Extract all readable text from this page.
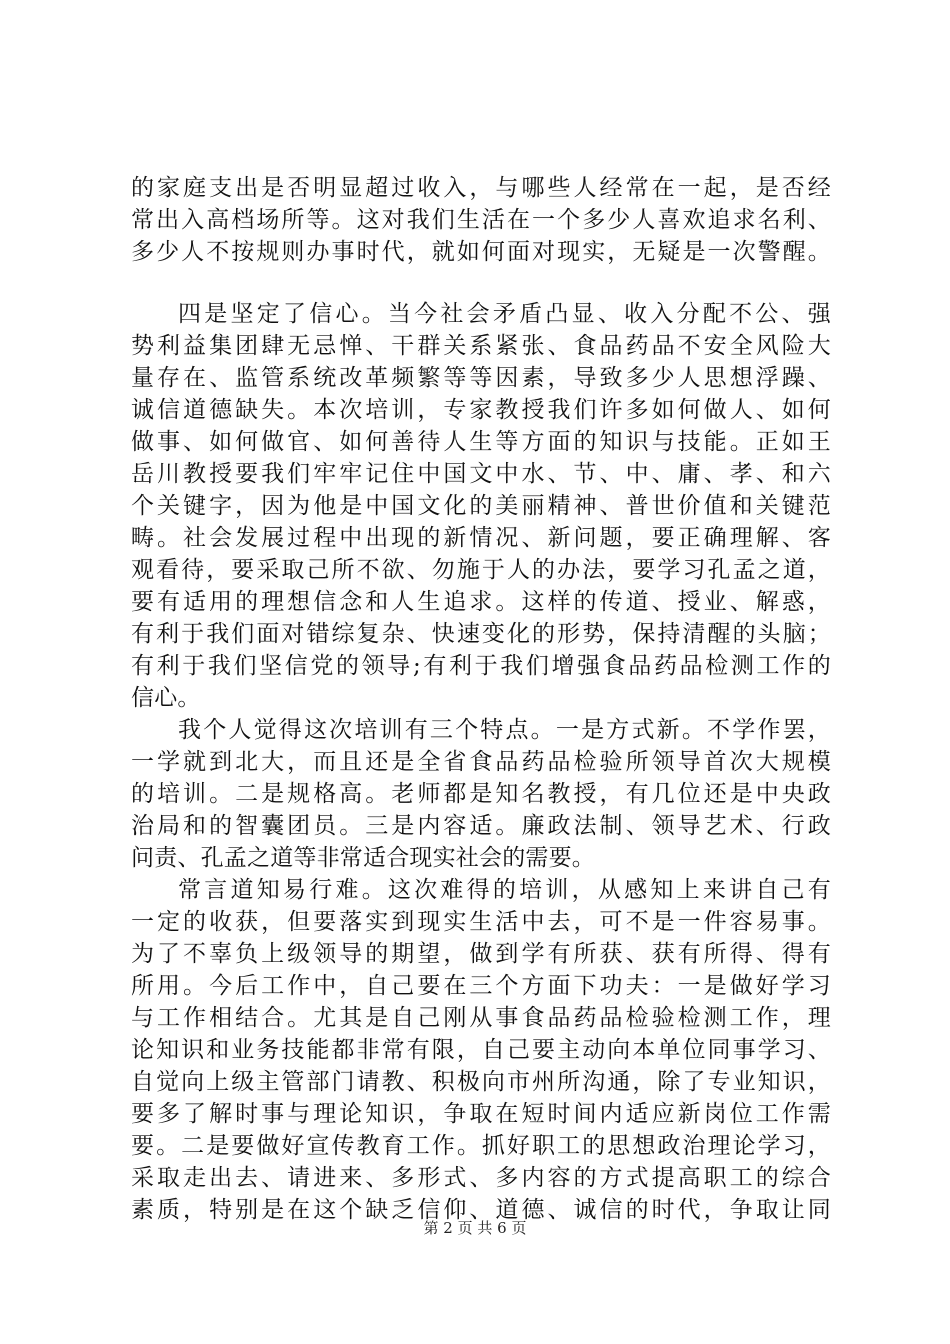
的家庭支出是否明显超过收入，与哪些人经常在一起，是否经
常出入高档场所等。这对我们生活在一个多少人喜欢追求名利、
多少人不按规则办事时代，就如何面对现实，无疑是一次警醒。
四是坚定了信心。当今社会矛盾凸显、收入分配不公、强
势利益集团肆无忌惮、干群关系紧张、食品药品不安全风险大
量存在、监管系统改革频繁等等因素，导致多少人思想浮躁、
诚信道德缺失。本次培训，专家教授我们许多如何做人、如何
做事、如何做官、如何善待人生等方面的知识与技能。正如王
岳川教授要我们牢牢记住中国文中水、节、中、庸、孝、和六
个关键字，因为他是中国文化的美丽精神、普世价值和关键范
畴。社会发展过程中出现的新情况、新问题，要正确理解、客
观看待，要采取己所不欲、勿施于人的办法，要学习孔孟之道，
要有适用的理想信念和人生追求。这样的传道、授业、解惑，
有利于我们面对错综复杂、快速变化的形势，保持清醒的头脑；
有利于我们坚信党的领导;有利于我们增强食品药品检测工作的
信心。
我个人觉得这次培训有三个特点。一是方式新。不学作罢，
一学就到北大，而且还是全省食品药品检验所领导首次大规模
的培训。二是规格高。老师都是知名教授，有几位还是中央政
治局和的智囊团员。三是内容适。廉政法制、领导艺术、行政
问责、孔孟之道等非常适合现实社会的需要。
常言道知易行难。这次难得的培训，从感知上来讲自己有
一定的收获，但要落实到现实生活中去，可不是一件容易事。
为了不辜负上级领导的期望，做到学有所获、获有所得、得有
所用。今后工作中，自己要在三个方面下功夫：一是做好学习
与工作相结合。尤其是自己刚从事食品药品检验检测工作，理
论知识和业务技能都非常有限，自己要主动向本单位同事学习、
自觉向上级主管部门请教、积极向市州所沟通，除了专业知识，
要多了解时事与理论知识，争取在短时间内适应新岗位工作需
要。二是要做好宣传教育工作。抓好职工的思想政治理论学习，
采取走出去、请进来、多形式、多内容的方式提高职工的综合
素质，特别是在这个缺乏信仰、道德、诚信的时代，争取让同
第 2 页 共 6 页
